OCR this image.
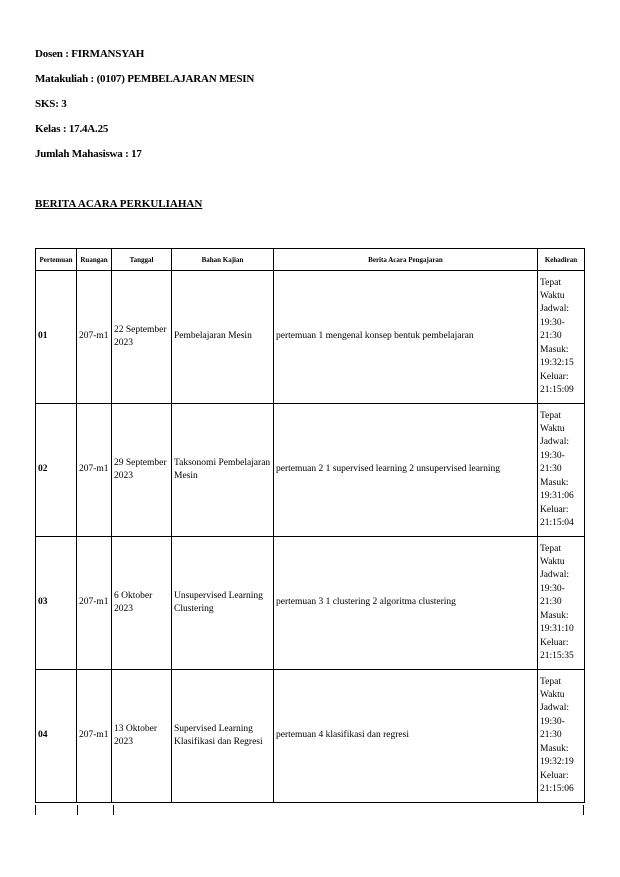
Dosen : FIRMANSYAH
Matakuliah : (0107) PEMBELAJARAN MESIN
SKS: 3
Kelas : 17.4A.25
Jumlah Mahasiswa : 17
BERITA ACARA PERKULIAHAN
Pertemuan	Ruangan	Tanggal	Bahan Kajian	Berita Acara Pengajaran	Kehadiran
01	207-m1	22 September 2023	Pembelajaran Mesin	pertemuan 1 mengenal konsep bentuk pembelajaran	Tepat Waktu Jadwal: 19:30-21:30 Masuk: 19:32:15 Keluar: 21:15:09
02	207-m1	29 September 2023	Taksonomi Pembelajaran Mesin	pertemuan 2 1 supervised learning 2 unsupervised learning	Tepat Waktu Jadwal: 19:30-21:30 Masuk: 19:31:06 Keluar: 21:15:04
03	207-m1	6 Oktober 2023	Unsupervised Learning Clustering	pertemuan 3 1 clustering 2 algoritma clustering	Tepat Waktu Jadwal: 19:30-21:30 Masuk: 19:31:10 Keluar: 21:15:35
04	207-m1	13 Oktober 2023	Supervised Learning Klasifikasi dan Regresi	pertemuan 4 klasifikasi dan regresi	Tepat Waktu Jadwal: 19:30-21:30 Masuk: 19:32:19 Keluar: 21:15:06
